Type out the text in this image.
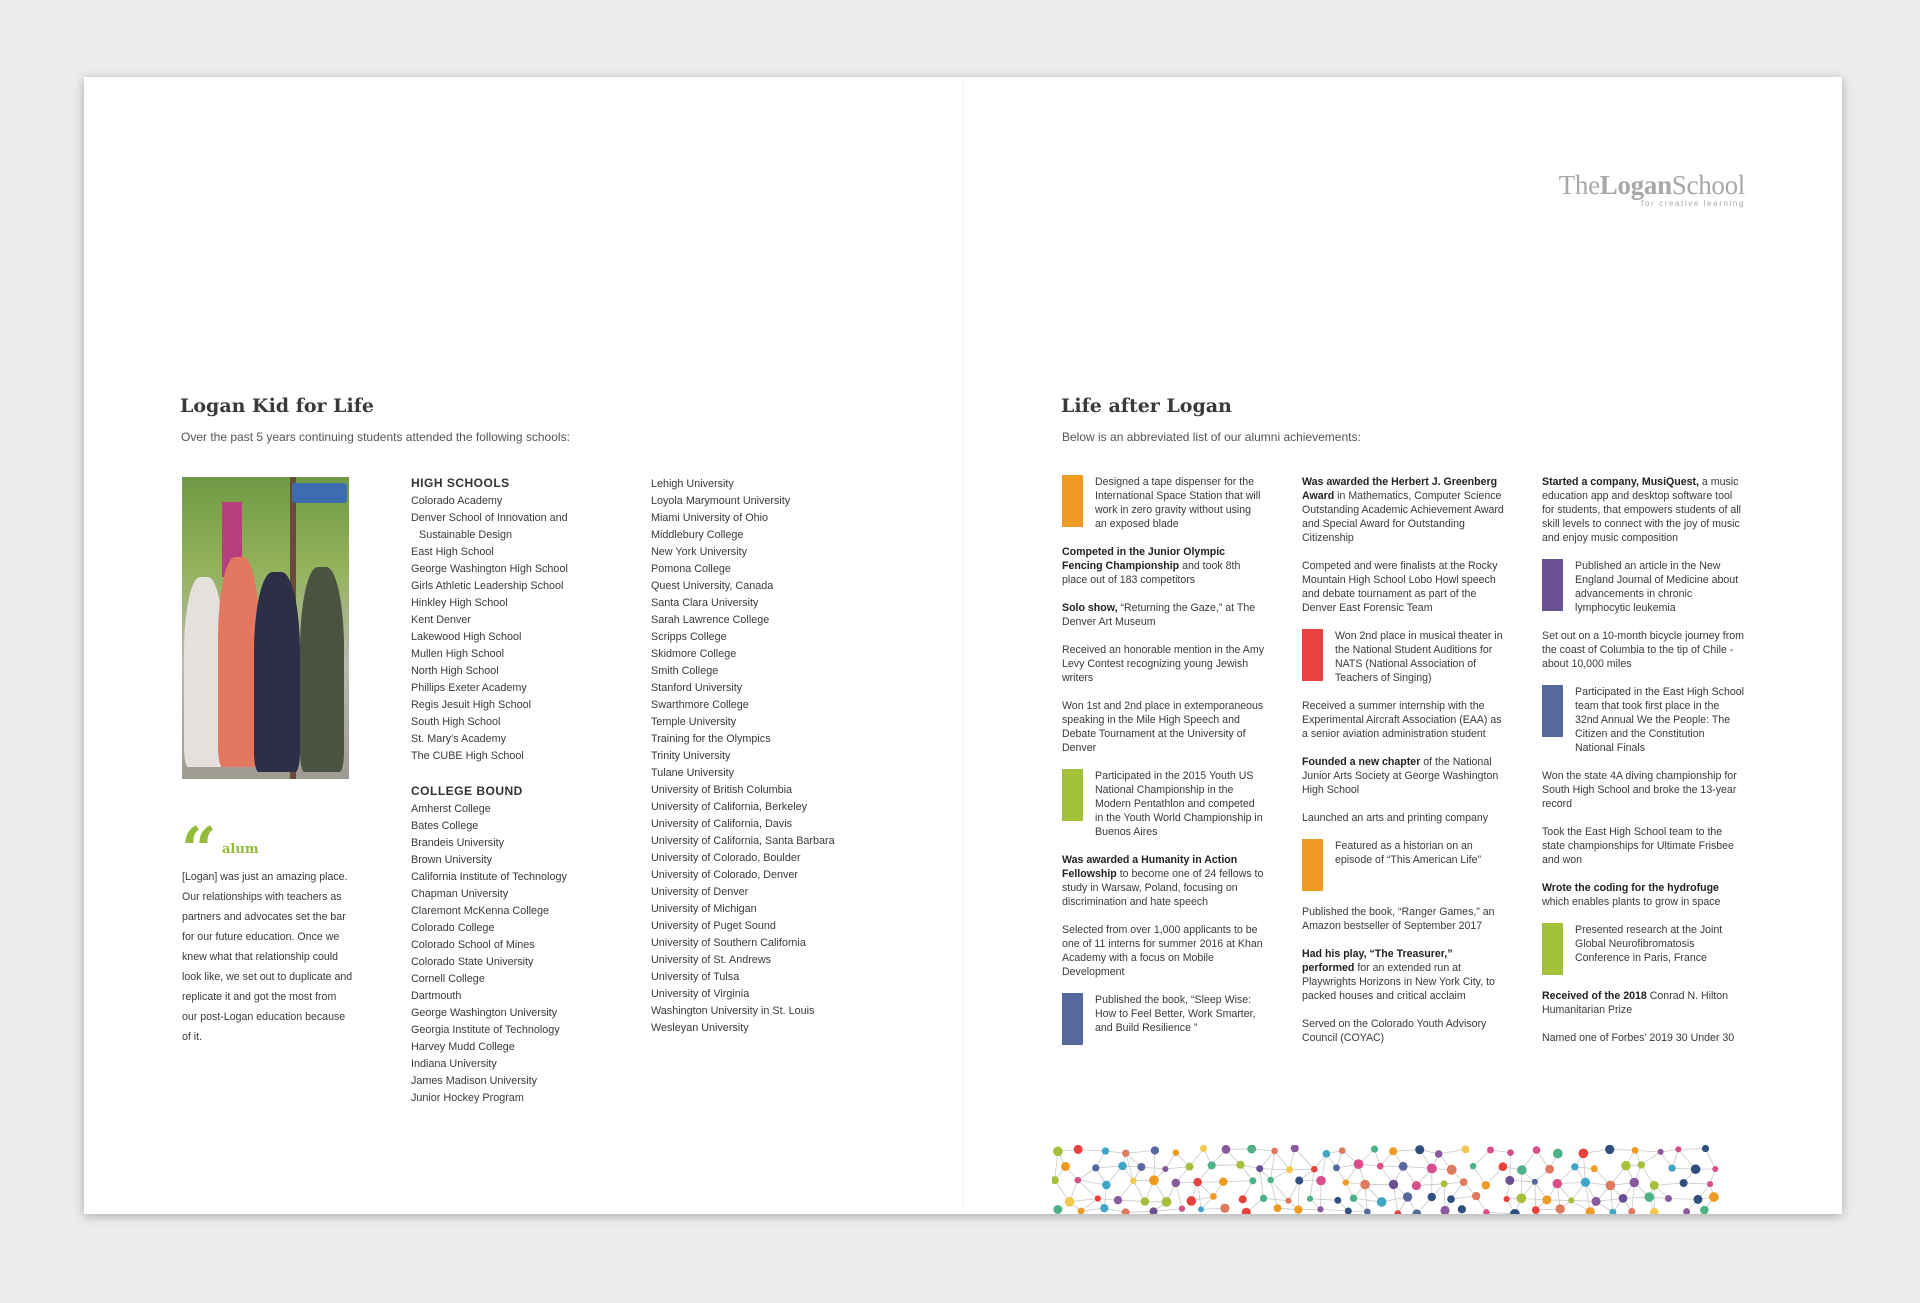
TheLoganSchool
for creative learning
Logan Kid for Life
Over the past 5 years continuing students attended the following schools:
HIGH SCHOOLS
Colorado Academy
Denver School of Innovation and Sustainable Design
East High School
George Washington High School
Girls Athletic Leadership School
Hinkley High School
Kent Denver
Lakewood High School
Mullen High School
North High School
Phillips Exeter Academy
Regis Jesuit High School
South High School
St. Mary's Academy
The CUBE High School
COLLEGE BOUND
Amherst College
Bates College
Brandeis University
Brown University
California Institute of Technology
Chapman University
Claremont McKenna College
Colorado College
Colorado School of Mines
Colorado State University
Cornell College
Dartmouth
George Washington University
Georgia Institute of Technology
Harvey Mudd College
Indiana University
James Madison University
Junior Hockey Program
Lehigh University
Loyola Marymount University
Miami University of Ohio
Middlebury College
New York University
Pomona College
Quest University, Canada
Santa Clara University
Sarah Lawrence College
Scripps College
Skidmore College
Smith College
Stanford University
Swarthmore College
Temple University
Training for the Olympics
Trinity University
Tulane University
University of British Columbia
University of California, Berkeley
University of California, Davis
University of California, Santa Barbara
University of Colorado, Boulder
University of Colorado, Denver
University of Denver
University of Michigan
University of Puget Sound
University of Southern California
University of St. Andrews
University of Tulsa
University of Virginia
Washington University in St. Louis
Wesleyan University
“ alum
[Logan] was just an amazing place. Our relationships with teachers as partners and advocates set the bar for our future education. Once we knew what that relationship could look like, we set out to duplicate and replicate it and got the most from our post-Logan education because of it.
Life after Logan
Below is an abbreviated list of our alumni achievements:
Designed a tape dispenser for the International Space Station that will work in zero gravity without using an exposed blade
Competed in the Junior Olympic Fencing Championship and took 8th place out of 183 competitors
Solo show, “Returning the Gaze,” at The Denver Art Museum
Received an honorable mention in the Amy Levy Contest recognizing young Jewish writers
Won 1st and 2nd place in extemporaneous speaking in the Mile High Speech and Debate Tournament at the University of Denver
Participated in the 2015 Youth US National Championship in the Modern Pentathlon and competed in the Youth World Championship in Buenos Aires
Was awarded a Humanity in Action Fellowship to become one of 24 fellows to study in Warsaw, Poland, focusing on discrimination and hate speech
Selected from over 1,000 applicants to be one of 11 interns for summer 2016 at Khan Academy with a focus on Mobile Development
Published the book, “Sleep Wise: How to Feel Better, Work Smarter, and Build Resilience ”
Was awarded the Herbert J. Greenberg Award in Mathematics, Computer Science Outstanding Academic Achievement Award and Special Award for Outstanding Citizenship
Competed and were finalists at the Rocky Mountain High School Lobo Howl speech and debate tournament as part of the Denver East Forensic Team
Won 2nd place in musical theater in the National Student Auditions for NATS (National Association of Teachers of Singing)
Received a summer internship with the Experimental Aircraft Association (EAA) as a senior aviation administration student
Founded a new chapter of the National Junior Arts Society at George Washington High School
Launched an arts and printing company
Featured as a historian on an episode of “This American Life”
Published the book, “Ranger Games,” an Amazon bestseller of September 2017
Had his play, “The Treasurer,” performed for an extended run at Playwrights Horizons in New York City, to packed houses and critical acclaim
Served on the Colorado Youth Advisory Council (COYAC)
Started a company, MusiQuest, a music education app and desktop software tool for students, that empowers students of all skill levels to connect with the joy of music and enjoy music composition
Published an article in the New England Journal of Medicine about advancements in chronic lymphocytic leukemia
Set out on a 10-month bicycle journey from the coast of Columbia to the tip of Chile - about 10,000 miles
Participated in the East High School team that took first place in the 32nd Annual We the People: The Citizen and the Constitution National Finals
Won the state 4A diving championship for South High School and broke the 13-year record
Took the East High School team to the state championships for Ultimate Frisbee and won
Wrote the coding for the hydrofuge which enables plants to grow in space
Presented research at the Joint Global Neurofibromatosis Conference in Paris, France
Received of the 2018 Conrad N. Hilton Humanitarian Prize
Named one of Forbes’ 2019 30 Under 30
